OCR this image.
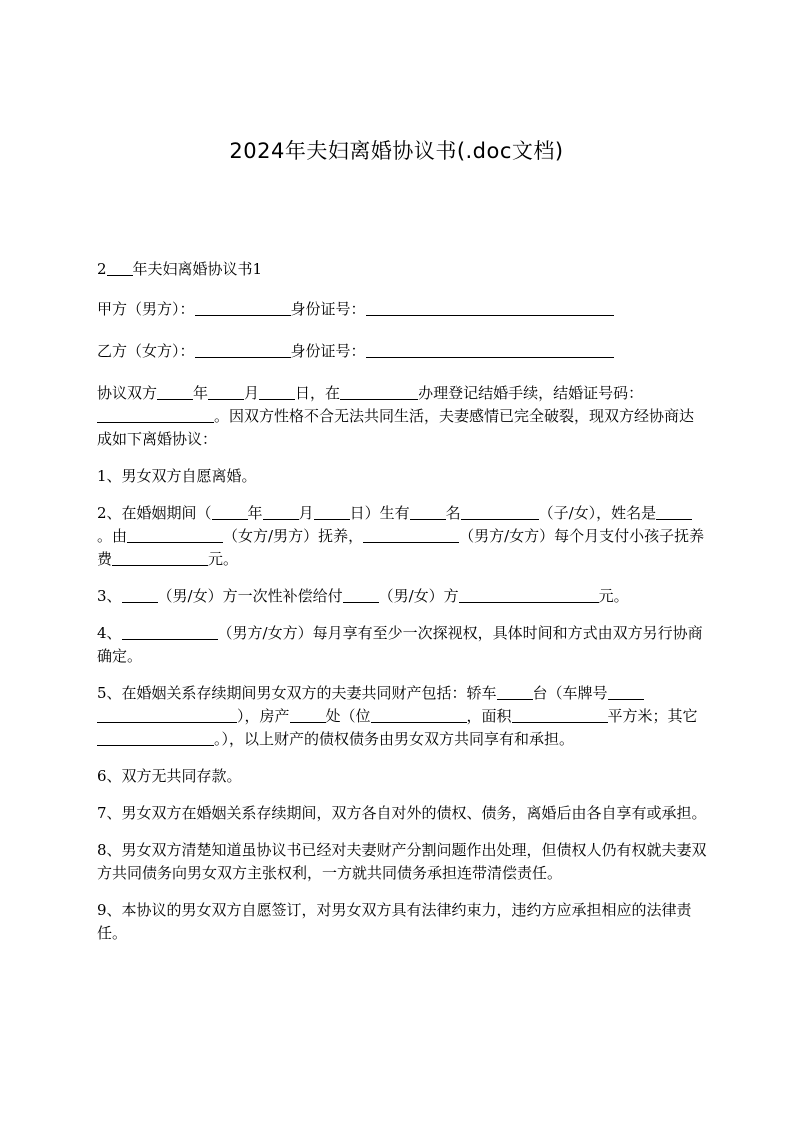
2024年夫妇离婚协议书(.doc文档)
2 年夫妇离婚协议书1
甲方（男方）：	身份证号：
乙方（女方）：	身份证号：
协议双方 年 月 日，在	办理登记结婚手续，结婚证号码：。因双方性格不合无法共同生活，夫妻感情已完全破裂，现双方经协商达成如下离婚协议：
1、男女双方自愿离婚。
2、在婚姻期间（ 年 月 日）生有 名	（子/女），姓名是。由	（女方/男方）抚养，	（男方/女方）每个月支付小孩子抚养费	元。
3、 （男/女）方一次性补偿给付 （男/女）方	元。
4、	（男方/女方）每月享有至少一次探视权，具体时间和方式由双方另行协商确定。
5、在婚姻关系存续期间男女双方的夫妻共同财产包括：轿车 台（车牌号），房产 处（位	，面积	平方米；其它。），以上财产的债权债务由男女双方共同享有和承担。
6、双方无共同存款。
7、男女双方在婚姻关系存续期间，双方各自对外的债权、债务，离婚后由各自享有或承担。
8、男女双方清楚知道虽协议书已经对夫妻财产分割问题作出处理，但债权人仍有权就夫妻双方共同债务向男女双方主张权利，一方就共同债务承担连带清偿责任。
9、本协议的男女双方自愿签订，对男女双方具有法律约束力，违约方应承担相应的法律责任。
